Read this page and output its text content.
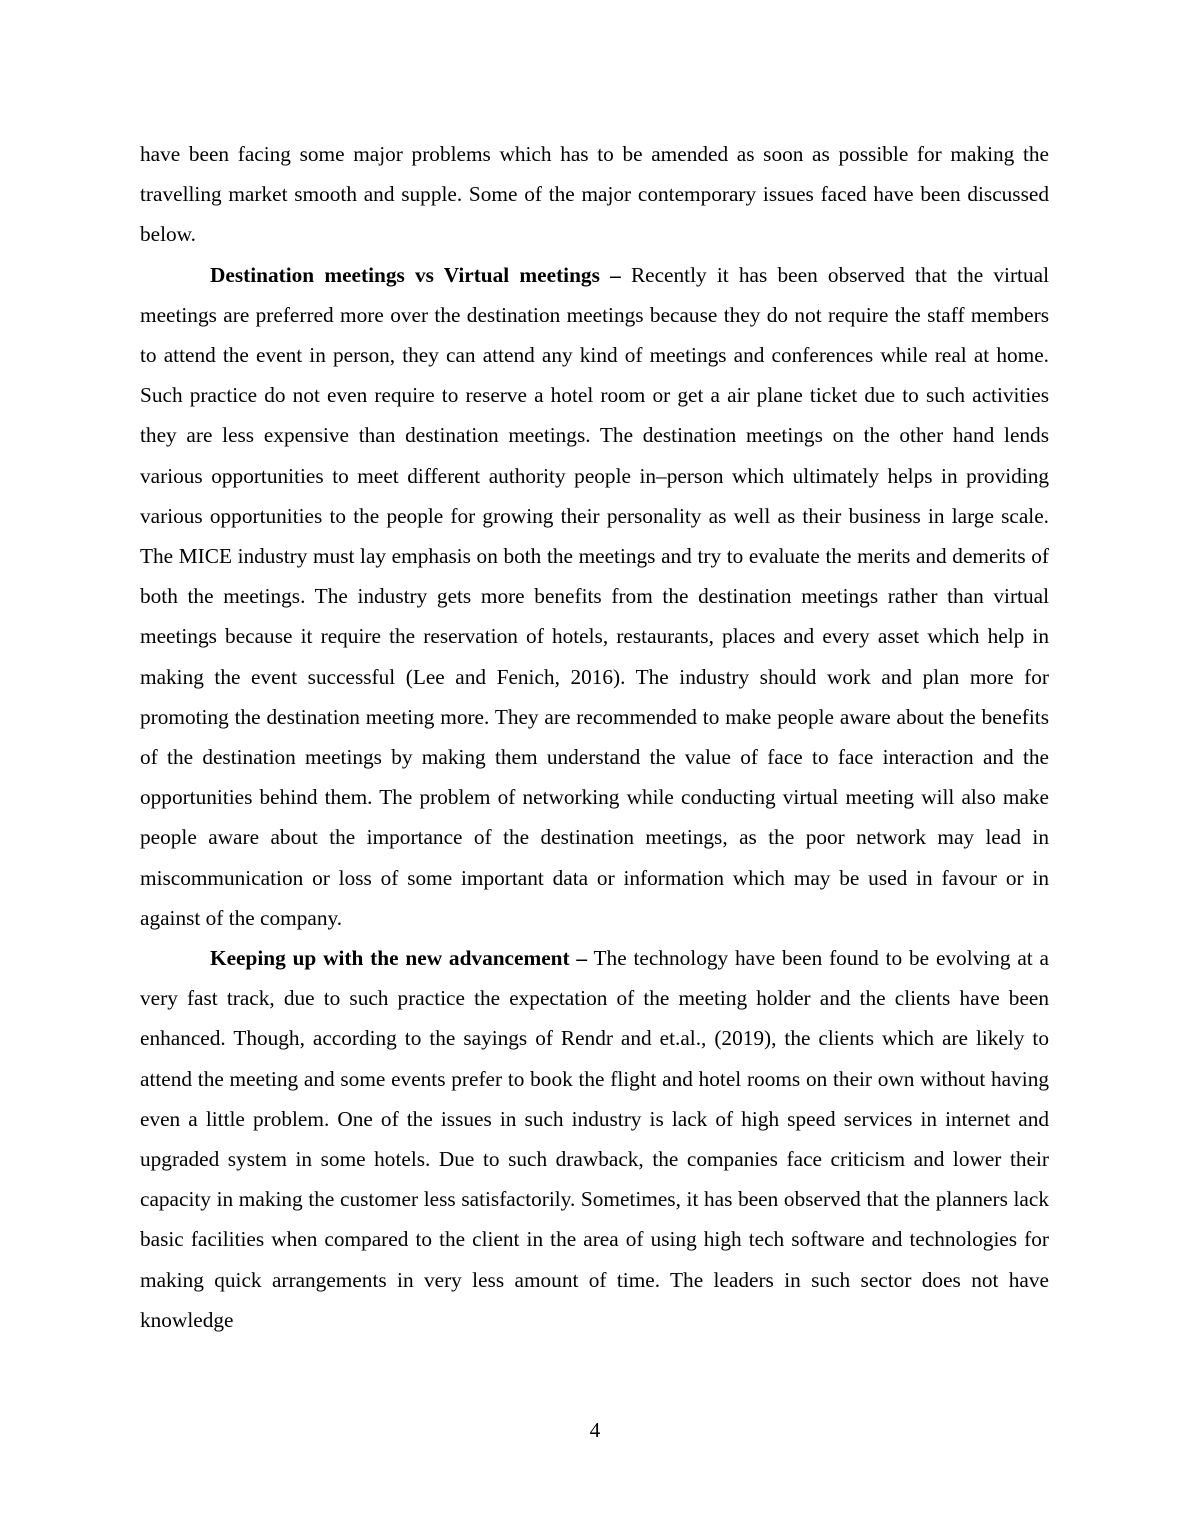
have been facing some major problems which has to be amended as soon as possible for making the travelling market smooth and supple. Some of the major contemporary issues faced have been discussed below.

Destination meetings vs Virtual meetings – Recently it has been observed that the virtual meetings are preferred more over the destination meetings because they do not require the staff members to attend the event in person, they can attend any kind of meetings and conferences while real at home. Such practice do not even require to reserve a hotel room or get a air plane ticket due to such activities they are less expensive than destination meetings. The destination meetings on the other hand lends various opportunities to meet different authority people in–person which ultimately helps in providing various opportunities to the people for growing their personality as well as their business in large scale. The MICE industry must lay emphasis on both the meetings and try to evaluate the merits and demerits of both the meetings. The industry gets more benefits from the destination meetings rather than virtual meetings because it require the reservation of hotels, restaurants, places and every asset which help in making the event successful (Lee and Fenich, 2016). The industry should work and plan more for promoting the destination meeting more. They are recommended to make people aware about the benefits of the destination meetings by making them understand the value of face to face interaction and the opportunities behind them. The problem of networking while conducting virtual meeting will also make people aware about the importance of the destination meetings, as the poor network may lead in miscommunication or loss of some important data or information which may be used in favour or in against of the company.

Keeping up with the new advancement – The technology have been found to be evolving at a very fast track, due to such practice the expectation of the meeting holder and the clients have been enhanced. Though, according to the sayings of Rendr and et.al., (2019), the clients which are likely to attend the meeting and some events prefer to book the flight and hotel rooms on their own without having even a little problem. One of the issues in such industry is lack of high speed services in internet and upgraded system in some hotels. Due to such drawback, the companies face criticism and lower their capacity in making the customer less satisfactorily. Sometimes, it has been observed that the planners lack basic facilities when compared to the client in the area of using high tech software and technologies for making quick arrangements in very less amount of time. The leaders in such sector does not have knowledge

4
